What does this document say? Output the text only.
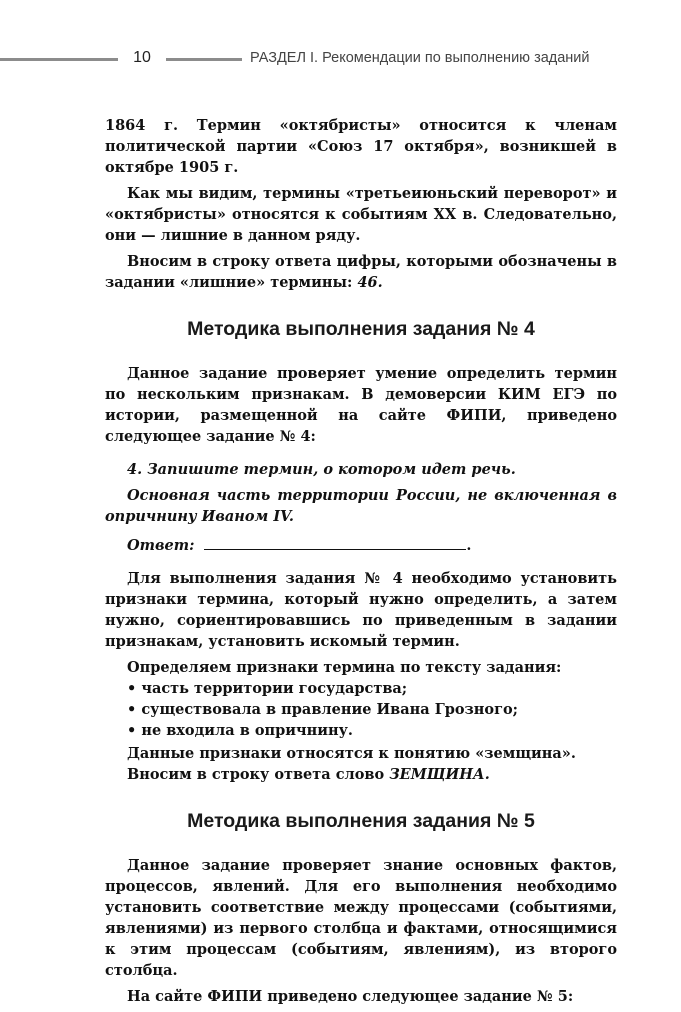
10	РАЗДЕЛ I. Рекомендации по выполнению заданий

1864 г. Термин «октябристы» относится к членам политической партии «Союз 17 октября», возникшей в октябре 1905 г.

Как мы видим, термины «третьеиюньский переворот» и «октябристы» относятся к событиям XX в. Следовательно, они — лишние в данном ряду.

Вносим в строку ответа цифры, которыми обозначены в задании «лишние» термины: 46.

Методика выполнения задания № 4

Данное задание проверяет умение определить термин по нескольким признакам. В демоверсии КИМ ЕГЭ по истории, размещенной на сайте ФИПИ, приведено следующее задание № 4:

4. Запишите термин, о котором идет речь.

Основная часть территории России, не включенная в опричнину Иваном IV.

Ответ:	.

Для выполнения задания № 4 необходимо установить признаки термина, который нужно определить, а затем нужно, сориентировавшись по приведенным в задании признакам, установить искомый термин.

Определяем признаки термина по тексту задания:

• часть территории государства;
• существовала в правление Ивана Грозного;
• не входила в опричнину.

Данные признаки относятся к понятию «земщина».

Вносим в строку ответа слово ЗЕМЩИНА.

Методика выполнения задания № 5

Данное задание проверяет знание основных фактов, процессов, явлений. Для его выполнения необходимо установить соответствие между процессами (событиями, явлениями) из первого столбца и фактами, относящимися к этим процессам (событиям, явлениям), из второго столбца.

На сайте ФИПИ приведено следующее задание № 5:
